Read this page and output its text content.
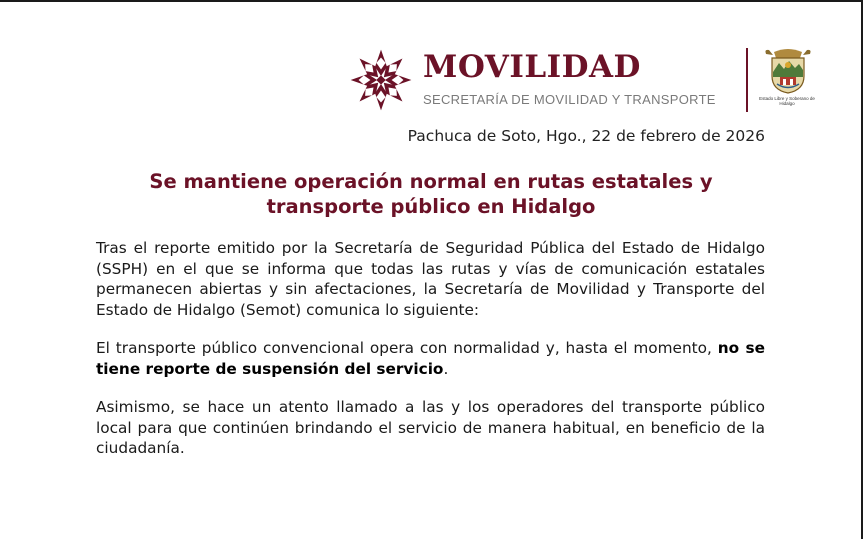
MOVILIDAD
SECRETARÍA DE MOVILIDAD Y TRANSPORTE	Estado Libre y Soberano de Hidalgo
Pachuca de Soto, Hgo., 22 de febrero de 2026
Se mantiene operación normal en rutas estatales y transporte público en Hidalgo

Tras el reporte emitido por la Secretaría de Seguridad Pública del Estado de Hidalgo (SSPH) en el que se informa que todas las rutas y vías de comunicación estatales permanecen abiertas y sin afectaciones, la Secretaría de Movilidad y Transporte del Estado de Hidalgo (Semot) comunica lo siguiente:

El transporte público convencional opera con normalidad y, hasta el momento, no se tiene reporte de suspensión del servicio.

Asimismo, se hace un atento llamado a las y los operadores del transporte público local para que continúen brindando el servicio de manera habitual, en beneficio de la ciudadanía.
